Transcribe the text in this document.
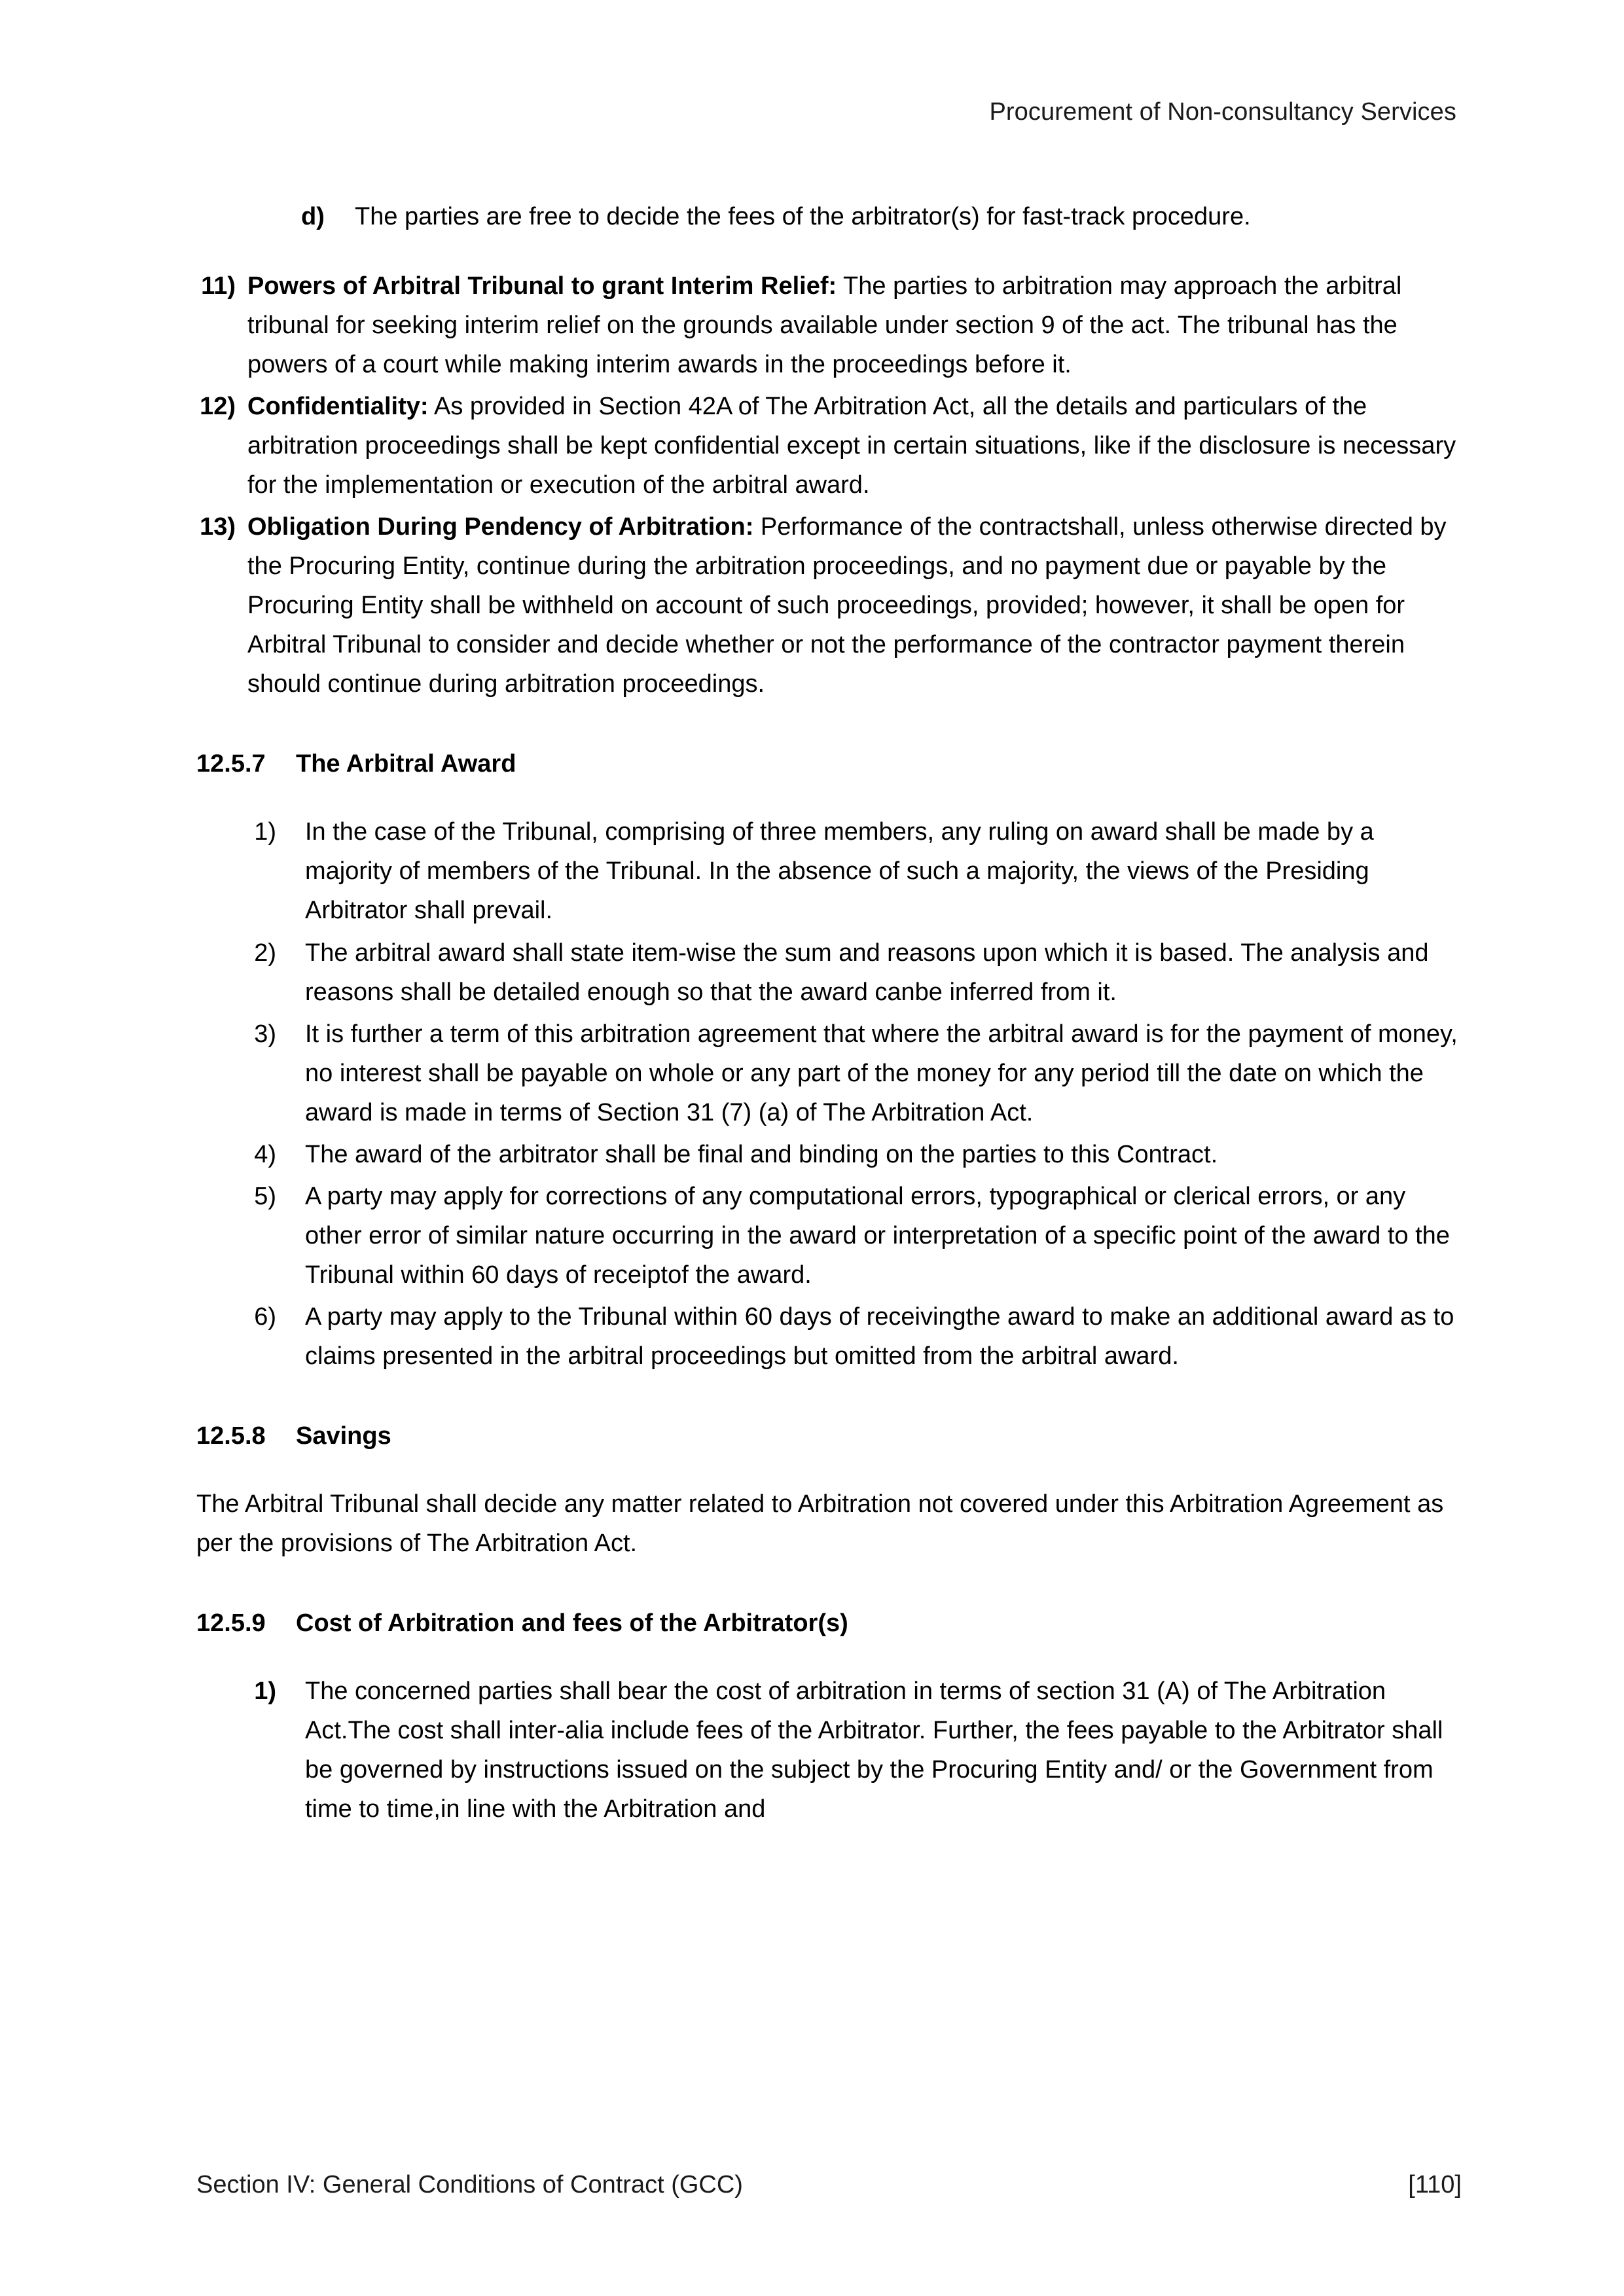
Procurement of Non-consultancy Services
d)	The parties are free to decide the fees of the arbitrator(s) for fast-track procedure.
11) Powers of Arbitral Tribunal to grant Interim Relief: The parties to arbitration may approach the arbitral tribunal for seeking interim relief on the grounds available under section 9 of the act. The tribunal has the powers of a court while making interim awards in the proceedings before it.
12) Confidentiality: As provided in Section 42A of The Arbitration Act, all the details and particulars of the arbitration proceedings shall be kept confidential except in certain situations, like if the disclosure is necessary for the implementation or execution of the arbitral award.
13) Obligation During Pendency of Arbitration: Performance of the contractshall, unless otherwise directed by the Procuring Entity, continue during the arbitration proceedings, and no payment due or payable by the Procuring Entity shall be withheld on account of such proceedings, provided; however, it shall be open for Arbitral Tribunal to consider and decide whether or not the performance of the contractor payment therein should continue during arbitration proceedings.
12.5.7	The Arbitral Award
1)	In the case of the Tribunal, comprising of three members, any ruling on award shall be made by a majority of members of the Tribunal. In the absence of such a majority, the views of the Presiding Arbitrator shall prevail.
2)	The arbitral award shall state item-wise the sum and reasons upon which it is based. The analysis and reasons shall be detailed enough so that the award canbe inferred from it.
3)	It is further a term of this arbitration agreement that where the arbitral award is for the payment of money, no interest shall be payable on whole or any part of the money for any period till the date on which the award is made in terms of Section 31 (7) (a) of The Arbitration Act.
4)	The award of the arbitrator shall be final and binding on the parties to this Contract.
5)	A party may apply for corrections of any computational errors, typographical or clerical errors, or any other error of similar nature occurring in the award or interpretation of a specific point of the award to the Tribunal within 60 days of receiptof the award.
6)	A party may apply to the Tribunal within 60 days of receivingthe award to make an additional award as to claims presented in the arbitral proceedings but omitted from the arbitral award.
12.5.8	Savings

The Arbitral Tribunal shall decide any matter related to Arbitration not covered under this Arbitration Agreement as per the provisions of The Arbitration Act.

12.5.9	Cost of Arbitration and fees of the Arbitrator(s)
1)	The concerned parties shall bear the cost of arbitration in terms of section 31 (A) of The Arbitration Act.The cost shall inter-alia include fees of the Arbitrator. Further, the fees payable to the Arbitrator shall be governed by instructions issued on the subject by the Procuring Entity and/ or the Government from time to time,in line with the Arbitration and
Section IV: General Conditions of Contract (GCC)	[110]
